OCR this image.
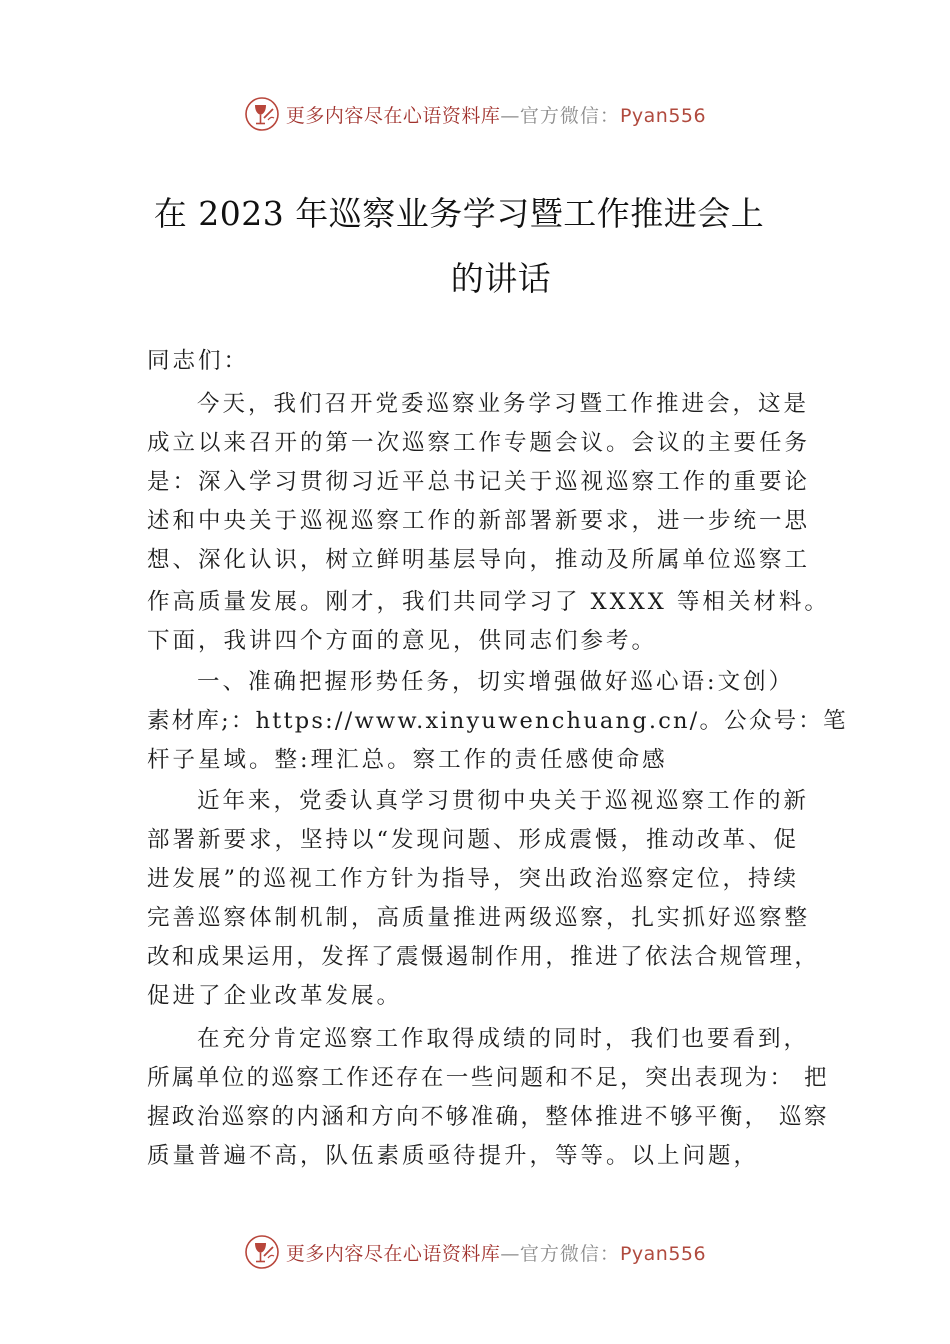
更多内容尽在心语资料库—官方微信：Pyan556
在 2023 年巡察业务学习暨工作推进会上
的讲话
同志们：
今天，我们召开党委巡察业务学习暨工作推进会，这是
成立以来召开的第一次巡察工作专题会议。会议的主要任务
是：深入学习贯彻习近平总书记关于巡视巡察工作的重要论
述和中央关于巡视巡察工作的新部署新要求，进一步统一思
想、深化认识，树立鲜明基层导向，推动及所属单位巡察工
作高质量发展。刚才，我们共同学习了 XXXX 等相关材料。
下面，我讲四个方面的意见，供同志们参考。
一、准确把握形势任务，切实增强做好巡心语:文创）
素材库;：https://www.xinyuwenchuang.cn/。公众号：笔
杆子星域。整:理汇总。察工作的责任感使命感
近年来，党委认真学习贯彻中央关于巡视巡察工作的新
部署新要求，坚持以“发现问题、形成震慑，推动改革、促
进发展”的巡视工作方针为指导，突出政治巡察定位，持续
完善巡察体制机制，高质量推进两级巡察，扎实抓好巡察整
改和成果运用，发挥了震慑遏制作用，推进了依法合规管理，
促进了企业改革发展。
在充分肯定巡察工作取得成绩的同时，我们也要看到，
所属单位的巡察工作还存在一些问题和不足，突出表现为： 把
握政治巡察的内涵和方向不够准确，整体推进不够平衡， 巡察
质量普遍不高，队伍素质亟待提升，等等。以上问题，
更多内容尽在心语资料库—官方微信：Pyan556
